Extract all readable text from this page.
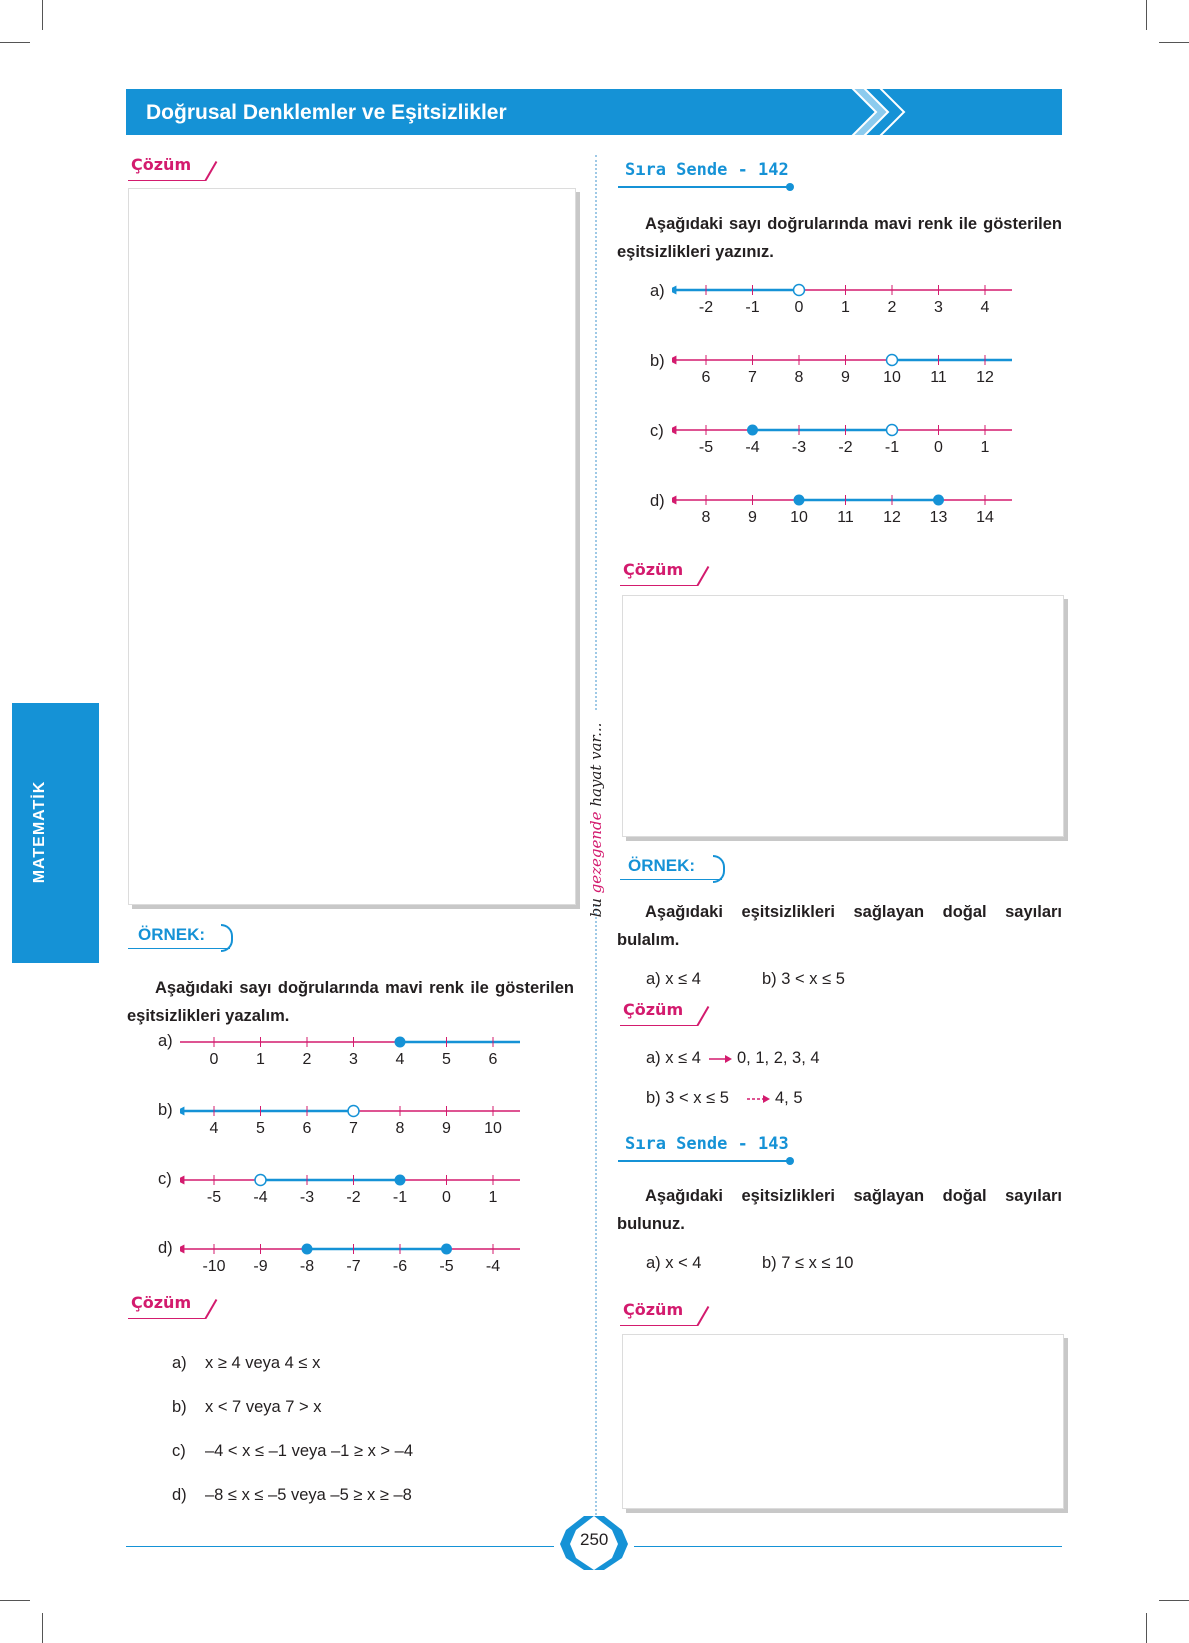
Doğrusal Denklemler ve Eşitsizlikler
MATEMATİK
bu gezegende hayat var...
Çözüm
ÖRNEK:
Aşağıdaki sayı doğrularında mavi renk ile gösterilen eşitsizlikleri yazalım.
a)
0 1 2 3 4 5 6
b)
4 5 6 7 8 9 10
c)
-5 -4 -3 -2 -1 0 1
d)
-10 -9 -8 -7 -6 -5 -4
Çözüm
a) x ≥ 4 veya 4 ≤ x
b) x < 7 veya 7 > x
c) –4 < x ≤ –1 veya –1 ≥ x > –4
d) –8 ≤ x ≤ –5 veya –5 ≥ x ≥ –8
Sıra Sende - 142
Aşağıdaki sayı doğrularında mavi renk ile gösterilen eşitsizlikleri yazınız.
a)
-2 -1 0 1 2 3 4
b)
6 7 8 9 10 11 12
c)
-5 -4 -3 -2 -1 0 1
d)
8 9 10 11 12 13 14
Çözüm
ÖRNEK:
Aşağıdaki eşitsizlikleri sağlayan doğal sayıları bulalım.
a) x ≤ 4	b) 3 < x ≤ 5
Çözüm
a) x ≤ 4 0, 1, 2, 3, 4
b) 3 < x ≤ 5	4, 5
Sıra Sende - 143
Aşağıdaki eşitsizlikleri sağlayan doğal sayıları bulunuz.
a) x < 4	b) 7 ≤ x ≤ 10
Çözüm
250
